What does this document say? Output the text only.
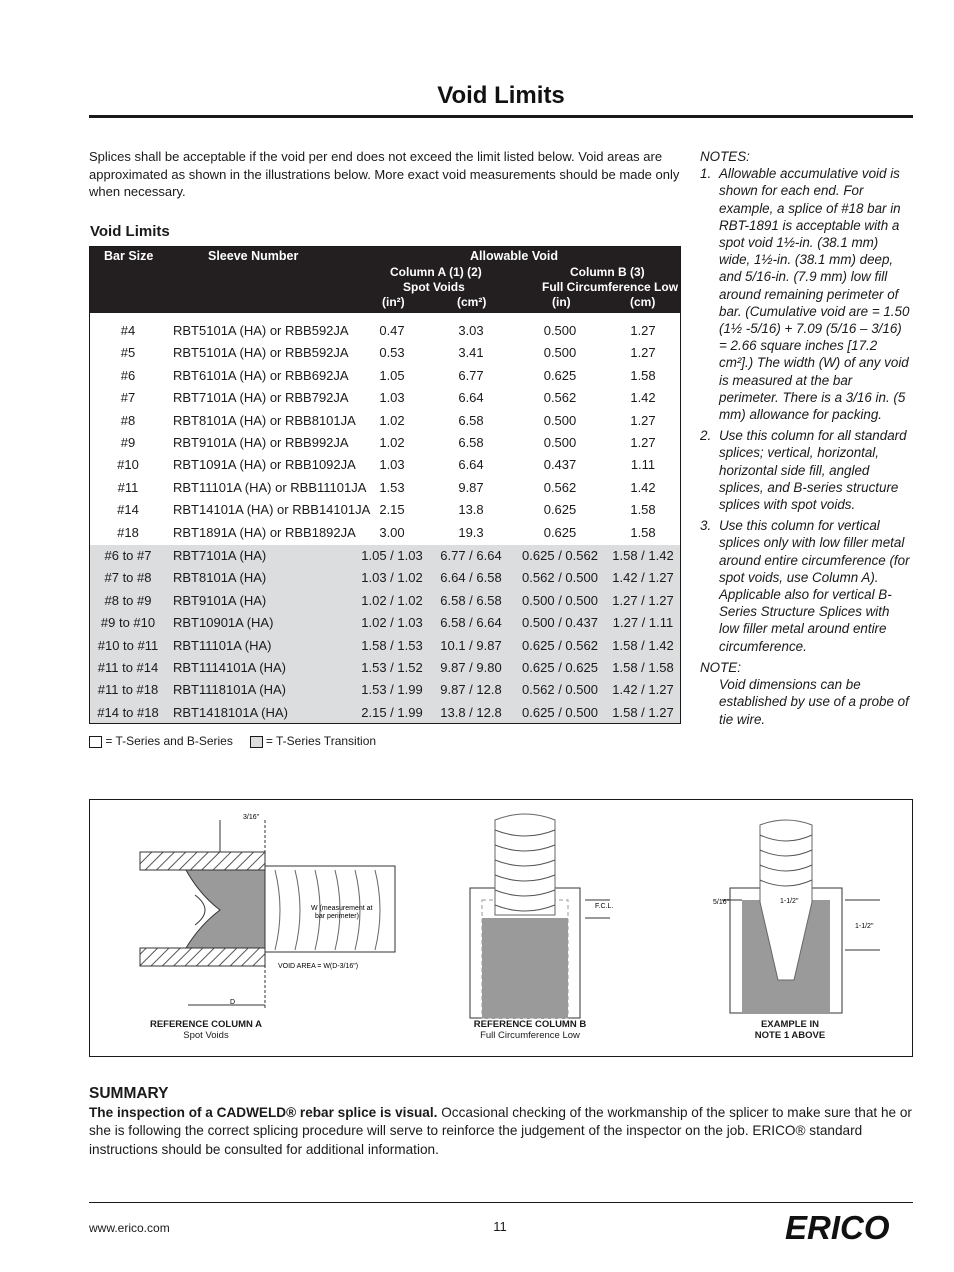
Void Limits
Splices shall be acceptable if the void per end does not exceed the limit listed below. Void areas are approximated as shown in the illustrations below. More exact void measurements should be made only when necessary.
NOTES:
1. Allowable accumulative void is shown for each end. For example, a splice of #18 bar in RBT-1891 is acceptable with a spot void 1½-in. (38.1 mm) wide, 1½-in. (38.1 mm) deep, and 5/16-in. (7.9 mm) low fill around remaining perimeter of bar. (Cumulative void are = 1.50 (1½ -5/16) + 7.09 (5/16 – 3/16) = 2.66 square inches [17.2 cm²].) The width (W) of any void is measured at the bar perimeter. There is a 3/16 in. (5 mm) allowance for packing.
2. Use this column for all standard splices; vertical, horizontal, horizontal side fill, angled splices, and B-series structure splices with spot voids.
3. Use this column for vertical splices only with low filler metal around entire circumference (for spot voids, use Column A). Applicable also for vertical B-Series Structure Splices with low filler metal around entire circumference.
NOTE:
Void dimensions can be established by use of a probe of tie wire.
Void Limits
Bar Size	Sleeve Number	Allowable Void
Column A (1) (2)
Spot Voids
Column B (3)
Full Circumference Low
(in²)	(cm²)	(in)	(cm)
#4	RBT5101A (HA) or RBB592JA	0.47	3.03	0.500	1.27
#5	RBT5101A (HA) or RBB592JA	0.53	3.41	0.500	1.27
#6	RBT6101A (HA) or RBB692JA	1.05	6.77	0.625	1.58
#7	RBT7101A (HA) or RBB792JA	1.03	6.64	0.562	1.42
#8	RBT8101A (HA) or RBB8101JA	1.02	6.58	0.500	1.27
#9	RBT9101A (HA) or RBB992JA	1.02	6.58	0.500	1.27
#10	RBT1091A (HA) or RBB1092JA	1.03	6.64	0.437	1.11
#11	RBT11101A (HA) or RBB11101JA 1.53	9.87	0.562	1.42
#14	RBT14101A (HA) or RBB14101JA 2.15	13.8	0.625	1.58
#18	RBT1891A (HA) or RBB1892JA	3.00	19.3	0.625	1.58
#6 to #7	RBT7101A (HA)	1.05 / 1.03	6.77 / 6.64	0.625 / 0.562	1.58 / 1.42
#7 to #8	RBT8101A (HA)	1.03 / 1.02	6.64 / 6.58	0.562 / 0.500	1.42 / 1.27
#8 to #9	RBT9101A (HA)	1.02 / 1.02	6.58 / 6.58	0.500 / 0.500	1.27 / 1.27
#9 to #10	RBT10901A (HA)	1.02 / 1.03	6.58 / 6.64	0.500 / 0.437	1.27 / 1.11
#10 to #11	RBT11101A (HA)	1.58 / 1.53	10.1 / 9.87	0.625 / 0.562	1.58 / 1.42
#11 to #14	RBT1114101A (HA)	1.53 / 1.52	9.87 / 9.80	0.625 / 0.625	1.58 / 1.58
#11 to #18	RBT1118101A (HA)	1.53 / 1.99	9.87 / 12.8	0.562 / 0.500	1.42 / 1.27
#14 to #18	RBT1418101A (HA)	2.15 / 1.99	13.8 / 12.8	0.625 / 0.500	1.58 / 1.27
= T-Series and B-Series	= T-Series Transition
3/16"
W (measurement at
bar perimeter)
VOID AREA = W(D-3/16")
D
F.C.L.
5/16"	1-1/2"
1-1/2"
REFERENCE COLUMN A
Spot Voids
REFERENCE COLUMN B
Full Circumference Low
EXAMPLE IN
NOTE 1 ABOVE
SUMMARY
The inspection of a CADWELD® rebar splice is visual. Occasional checking of the workmanship of the splicer to make sure that he or she is following the correct splicing procedure will serve to reinforce the judgement of the inspector on the job. ERICO® standard instructions should be consulted for additional information.
www.erico.com	11	ERICO
